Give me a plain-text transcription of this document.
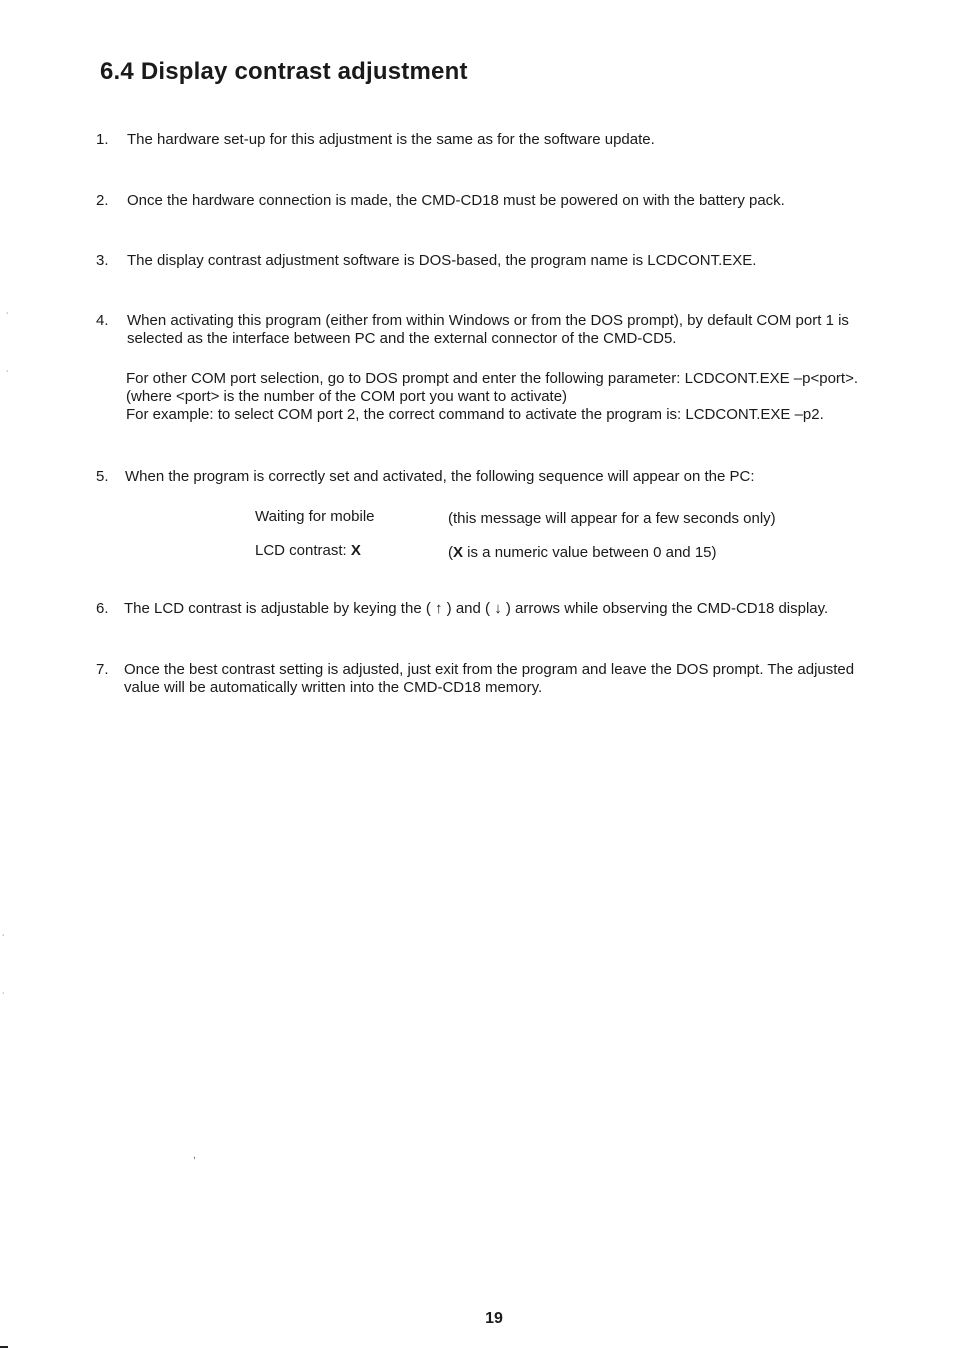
6.4 Display contrast adjustment
1. The hardware set-up for this adjustment is the same as for the software update.
2. Once the hardware connection is made, the CMD-CD18 must be powered on with the battery pack.
3. The display contrast adjustment software is DOS-based, the program name is LCDCONT.EXE.
4. When activating this program (either from within Windows or from the DOS prompt), by default COM port 1 is
selected as the interface between PC and the external connector of the CMD-CD5.
For other COM port selection, go to DOS prompt and enter the following parameter: LCDCONT.EXE –p<port>.
(where <port> is the number of the COM port you want to activate)
For example: to select COM port 2, the correct command to activate the program is: LCDCONT.EXE –p2.
5. When the program is correctly set and activated, the following sequence will appear on the PC:
Waiting for mobile	(this message will appear for a few seconds only)
LCD contrast: X	(X is a numeric value between 0 and 15)
6. The LCD contrast is adjustable by keying the ( ↑ ) and ( ↓ ) arrows while observing the CMD-CD18 display.
7. Once the best contrast setting is adjusted, just exit from the program and leave the DOS prompt. The adjusted
value will be automatically written into the CMD-CD18 memory.
˙
˙
˙
˙
,
19
